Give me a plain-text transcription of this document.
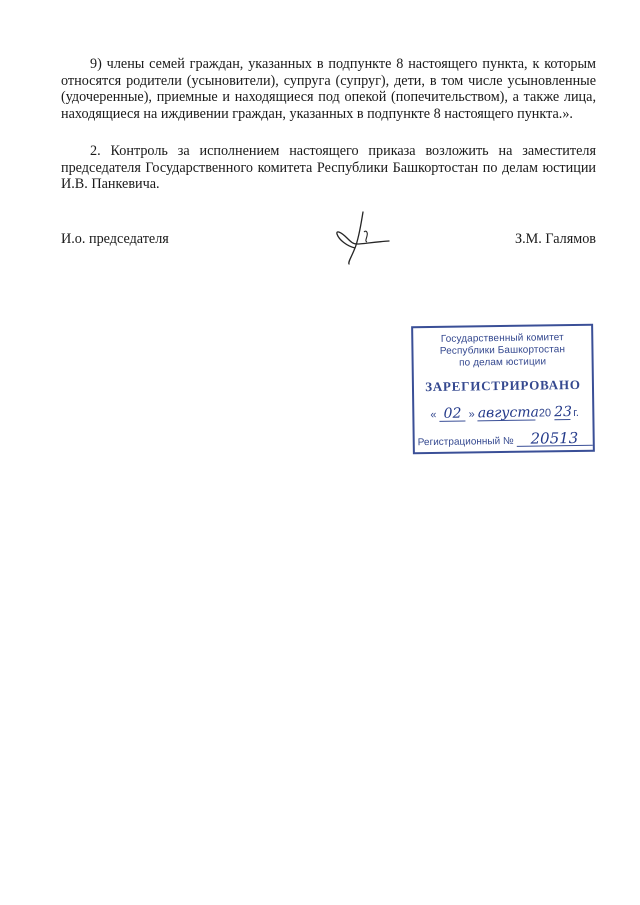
9) члены семей граждан, указанных в подпункте 8 настоящего пункта, к которым относятся родители (усыновители), супруга (супруг), дети, в том числе усыновленные (удочеренные), приемные и находящиеся под опекой (попечительством), а также лица, находящиеся на иждивении граждан, указанных в подпункте 8 настоящего пункта.».

2. Контроль за исполнением настоящего приказа возложить на заместителя председателя Государственного комитета Республики Башкортостан по делам юстиции И.В. Панкевича.

И.о. председателя	З.М. Галямов
Государственный комитет
Республики Башкортостан
по делам юстиции
ЗАРЕГИСТРИРОВАНО
« 02 » августа 20 23 г.
Регистрационный № 20513
